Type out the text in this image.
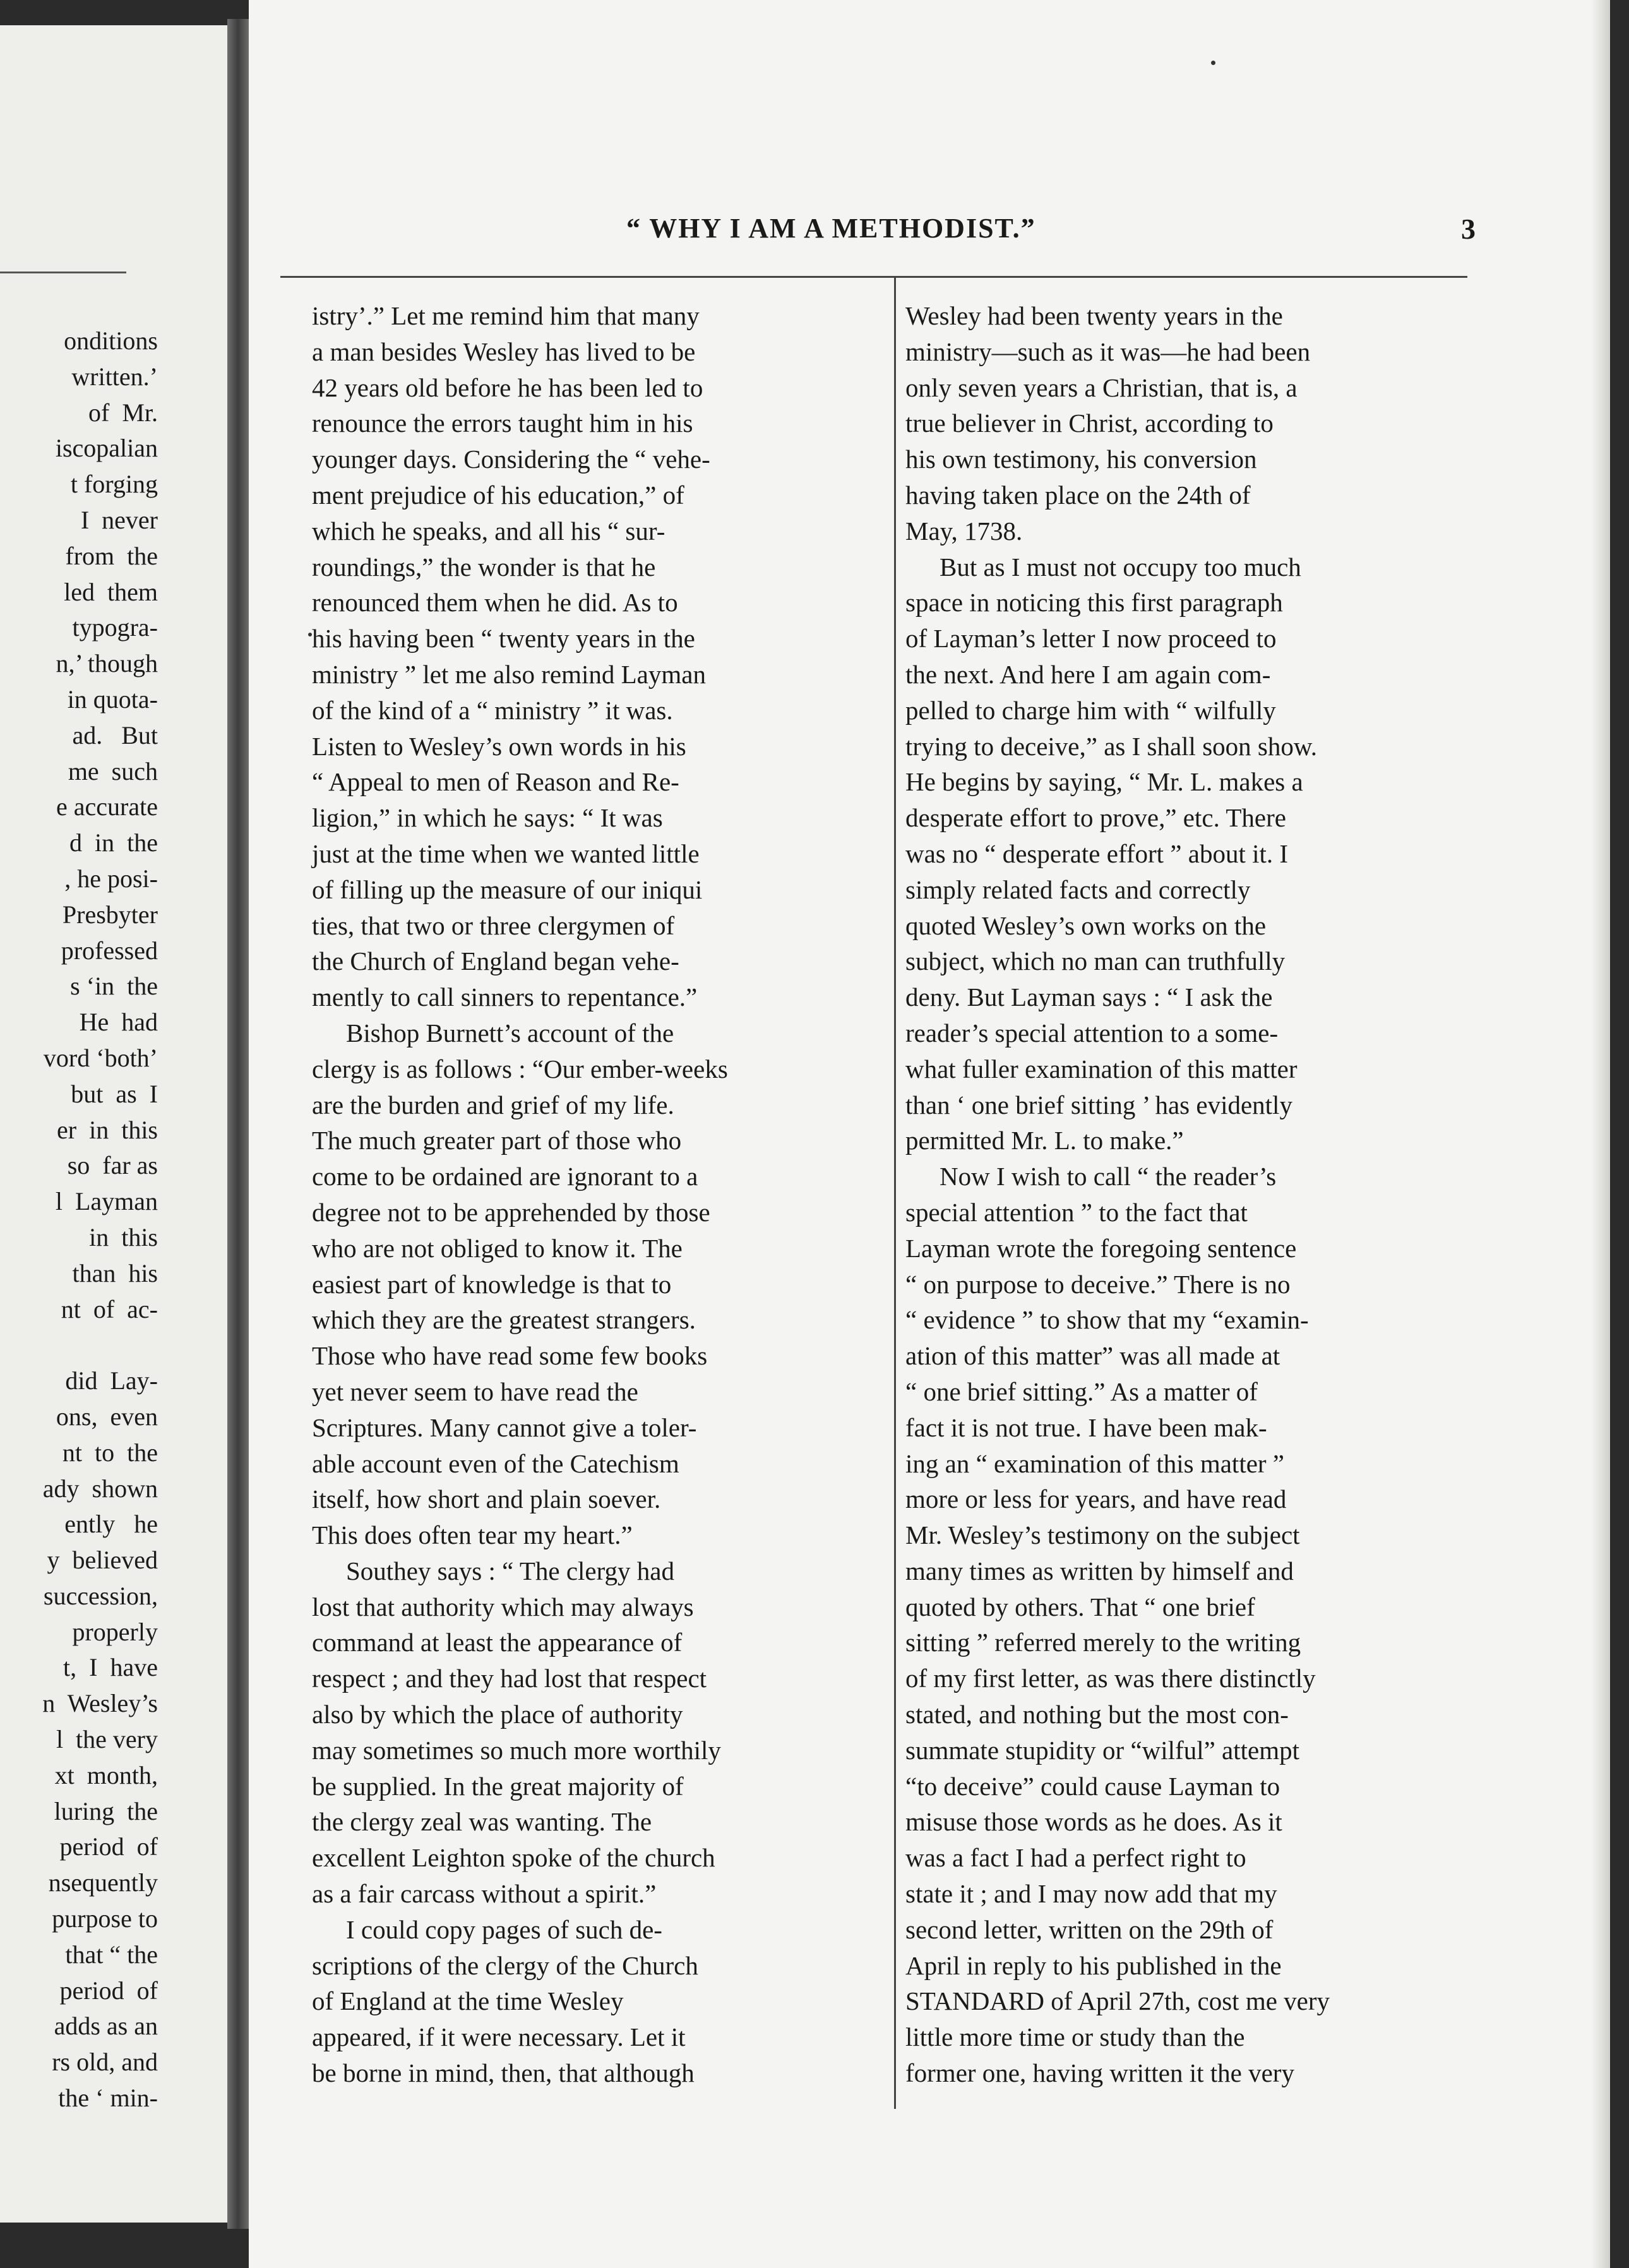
onditions
written.’
of  Mr.
iscopalian
t forging
I  never
from  the
led  them
typogra-
n,’ though
in quota-
ad.   But
me  such
e accurate
d  in  the
, he posi-
Presbyter
professed
s ‘in  the
He  had
vord ‘both’
but  as  I
er  in  this
so  far as
l  Layman
in  this
than  his
nt  of  ac-

did  Lay-
ons,  even
nt  to  the
ady  shown
ently   he
y  believed
succession,
properly
t,  I  have
n  Wesley’s
l  the very
xt  month,
luring  the
period  of
nsequently
purpose to
that “ the
period  of
adds as an
rs old, and
the ‘ min-
“ WHY I AM A METHODIST.”	3
istry’.” Let me remind him that many
a man besides Wesley has lived to be
42 years old before he has been led to
renounce the errors taught him in his
younger days. Considering the “ vehe-
ment prejudice of his education,” of
which he speaks, and all his “ sur-
roundings,” the wonder is that he
renounced them when he did. As to
his having been “ twenty years in the
ministry ” let me also remind Layman
of the kind of a “ ministry ” it was.
Listen to Wesley’s own words in his
“ Appeal to men of Reason and Re-
ligion,” in which he says: “ It was
just at the time when we wanted little
of filling up the measure of our iniqui
ties, that two or three clergymen of
the Church of England began vehe-
mently to call sinners to repentance.”
Bishop Burnett’s account of the
clergy is as follows : “Our ember-weeks
are the burden and grief of my life.
The much greater part of those who
come to be ordained are ignorant to a
degree not to be apprehended by those
who are not obliged to know it. The
easiest part of knowledge is that to
which they are the greatest strangers.
Those who have read some few books
yet never seem to have read the
Scriptures. Many cannot give a toler-
able account even of the Catechism
itself, how short and plain soever.
This does often tear my heart.”
Southey says : “ The clergy had
lost that authority which may always
command at least the appearance of
respect ; and they had lost that respect
also by which the place of authority
may sometimes so much more worthily
be supplied. In the great majority of
the clergy zeal was wanting. The
excellent Leighton spoke of the church
as a fair carcass without a spirit.”
I could copy pages of such de-
scriptions of the clergy of the Church
of England at the time Wesley
appeared, if it were necessary. Let it
be borne in mind, then, that although
Wesley had been twenty years in the
ministry—such as it was—he had been
only seven years a Christian, that is, a
true believer in Christ, according to
his own testimony, his conversion
having taken place on the 24th of
May, 1738.
But as I must not occupy too much
space in noticing this first paragraph
of Layman’s letter I now proceed to
the next. And here I am again com-
pelled to charge him with “ wilfully
trying to deceive,” as I shall soon show.
He begins by saying, “ Mr. L. makes a
desperate effort to prove,” etc. There
was no “ desperate effort ” about it. I
simply related facts and correctly
quoted Wesley’s own works on the
subject, which no man can truthfully
deny. But Layman says : “ I ask the
reader’s special attention to a some-
what fuller examination of this matter
than ‘ one brief sitting ’ has evidently
permitted Mr. L. to make.”
Now I wish to call “ the reader’s
special attention ” to the fact that
Layman wrote the foregoing sentence
“ on purpose to deceive.” There is no
“ evidence ” to show that my “examin-
ation of this matter” was all made at
“ one brief sitting.” As a matter of
fact it is not true. I have been mak-
ing an “ examination of this matter ”
more or less for years, and have read
Mr. Wesley’s testimony on the subject
many times as written by himself and
quoted by others. That “ one brief
sitting ” referred merely to the writing
of my first letter, as was there distinctly
stated, and nothing but the most con-
summate stupidity or “wilful” attempt
“to deceive” could cause Layman to
misuse those words as he does. As it
was a fact I had a perfect right to
state it ; and I may now add that my
second letter, written on the 29th of
April in reply to his published in the
STANDARD of April 27th, cost me very
little more time or study than the
former one, having written it the very
